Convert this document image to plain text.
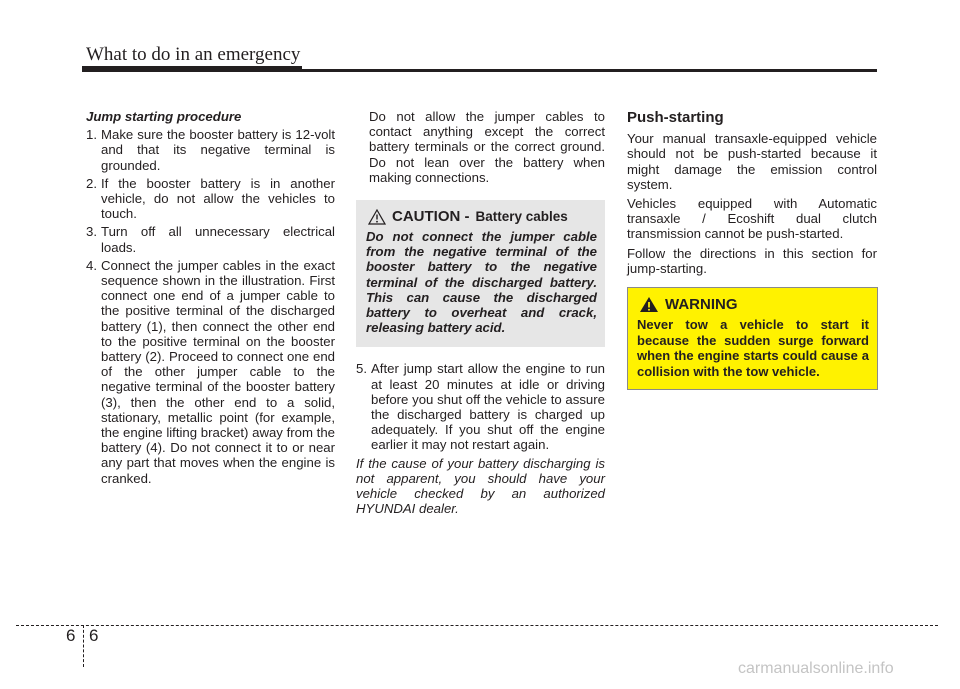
What to do in an emergency
Jump starting procedure
1. Make sure the booster battery is 12-volt and that its negative terminal is grounded.
2. If the booster battery is in another vehicle, do not allow the vehicles to touch.
3. Turn off all unnecessary electrical loads.
4. Connect the jumper cables in the exact sequence shown in the illustration. First connect one end of a jumper cable to the positive terminal of the discharged battery (1), then connect the other end to the positive terminal on the booster battery (2). Proceed to connect one end of the other jumper cable to the negative terminal of the booster battery (3), then the other end to a solid, stationary, metallic point (for example, the engine lifting bracket) away from the battery (4). Do not connect it to or near any part that moves when the engine is cranked.

Do not allow the jumper cables to contact anything except the correct battery terminals or the correct ground. Do not lean over the battery when making connections.

CAUTION - Battery cables
Do not connect the jumper cable from the negative terminal of the booster battery to the negative terminal of the discharged battery. This can cause the discharged battery to overheat and crack, releasing battery acid.
5. After jump start allow the engine to run at least 20 minutes at idle or driving before you shut off the vehicle to assure the discharged battery is charged up adequately. If you shut off the engine earlier it may not restart again.

If the cause of your battery discharging is not apparent, you should have your vehicle checked by an authorized HYUNDAI dealer.

Push-starting

Your manual transaxle-equipped vehicle should not be push-started because it might damage the emission control system.

Vehicles equipped with Automatic transaxle / Ecoshift dual clutch transmission cannot be push-started.

Follow the directions in this section for jump-starting.

WARNING
Never tow a vehicle to start it because the sudden surge forward when the engine starts could cause a collision with the tow vehicle.
6 6
carmanualsonline.info
